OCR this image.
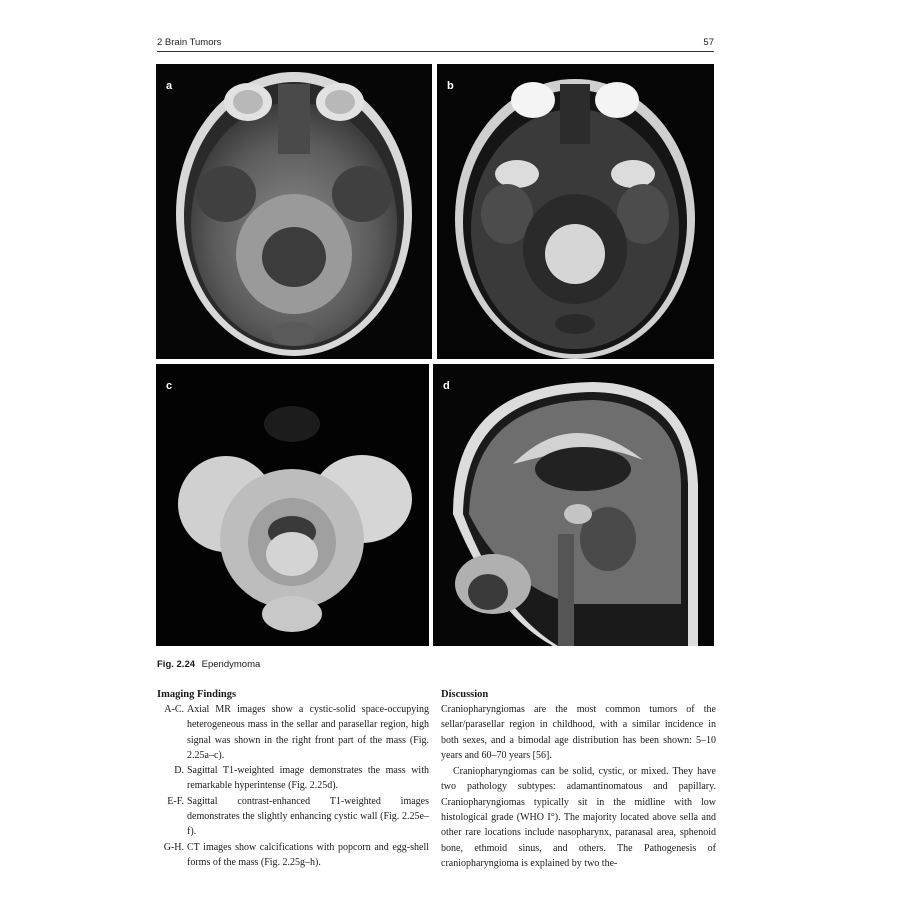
2 Brain Tumors	57
a	b
c	d
Fig. 2.24 Ependymoma
Imaging Findings
A-C. Axial MR images show a cystic-solid space-occupying heterogeneous mass in the sellar and parasellar region, high signal was shown in the right front part of the mass (Fig. 2.25a–c).
D. Sagittal T1-weighted image demonstrates the mass with remarkable hyperintense (Fig. 2.25d).
E-F. Sagittal contrast-enhanced T1-weighted images demonstrates the slightly enhancing cystic wall (Fig. 2.25e–f).
G-H. CT images show calcifications with popcorn and egg-shell forms of the mass (Fig. 2.25g–h).
Discussion

Craniopharyngiomas are the most common tumors of the sellar/parasellar region in childhood, with a similar incidence in both sexes, and a bimodal age distribution has been shown: 5–10 years and 60–70 years [56].

Craniopharyngiomas can be solid, cystic, or mixed. They have two pathology subtypes: adamantinomatous and papillary. Craniopharyngiomas typically sit in the midline with low histological grade (WHO I°). The majority located above sella and other rare locations include nasopharynx, paranasal area, sphenoid bone, ethmoid sinus, and others. The Pathogenesis of craniopharyngioma is explained by two the-
